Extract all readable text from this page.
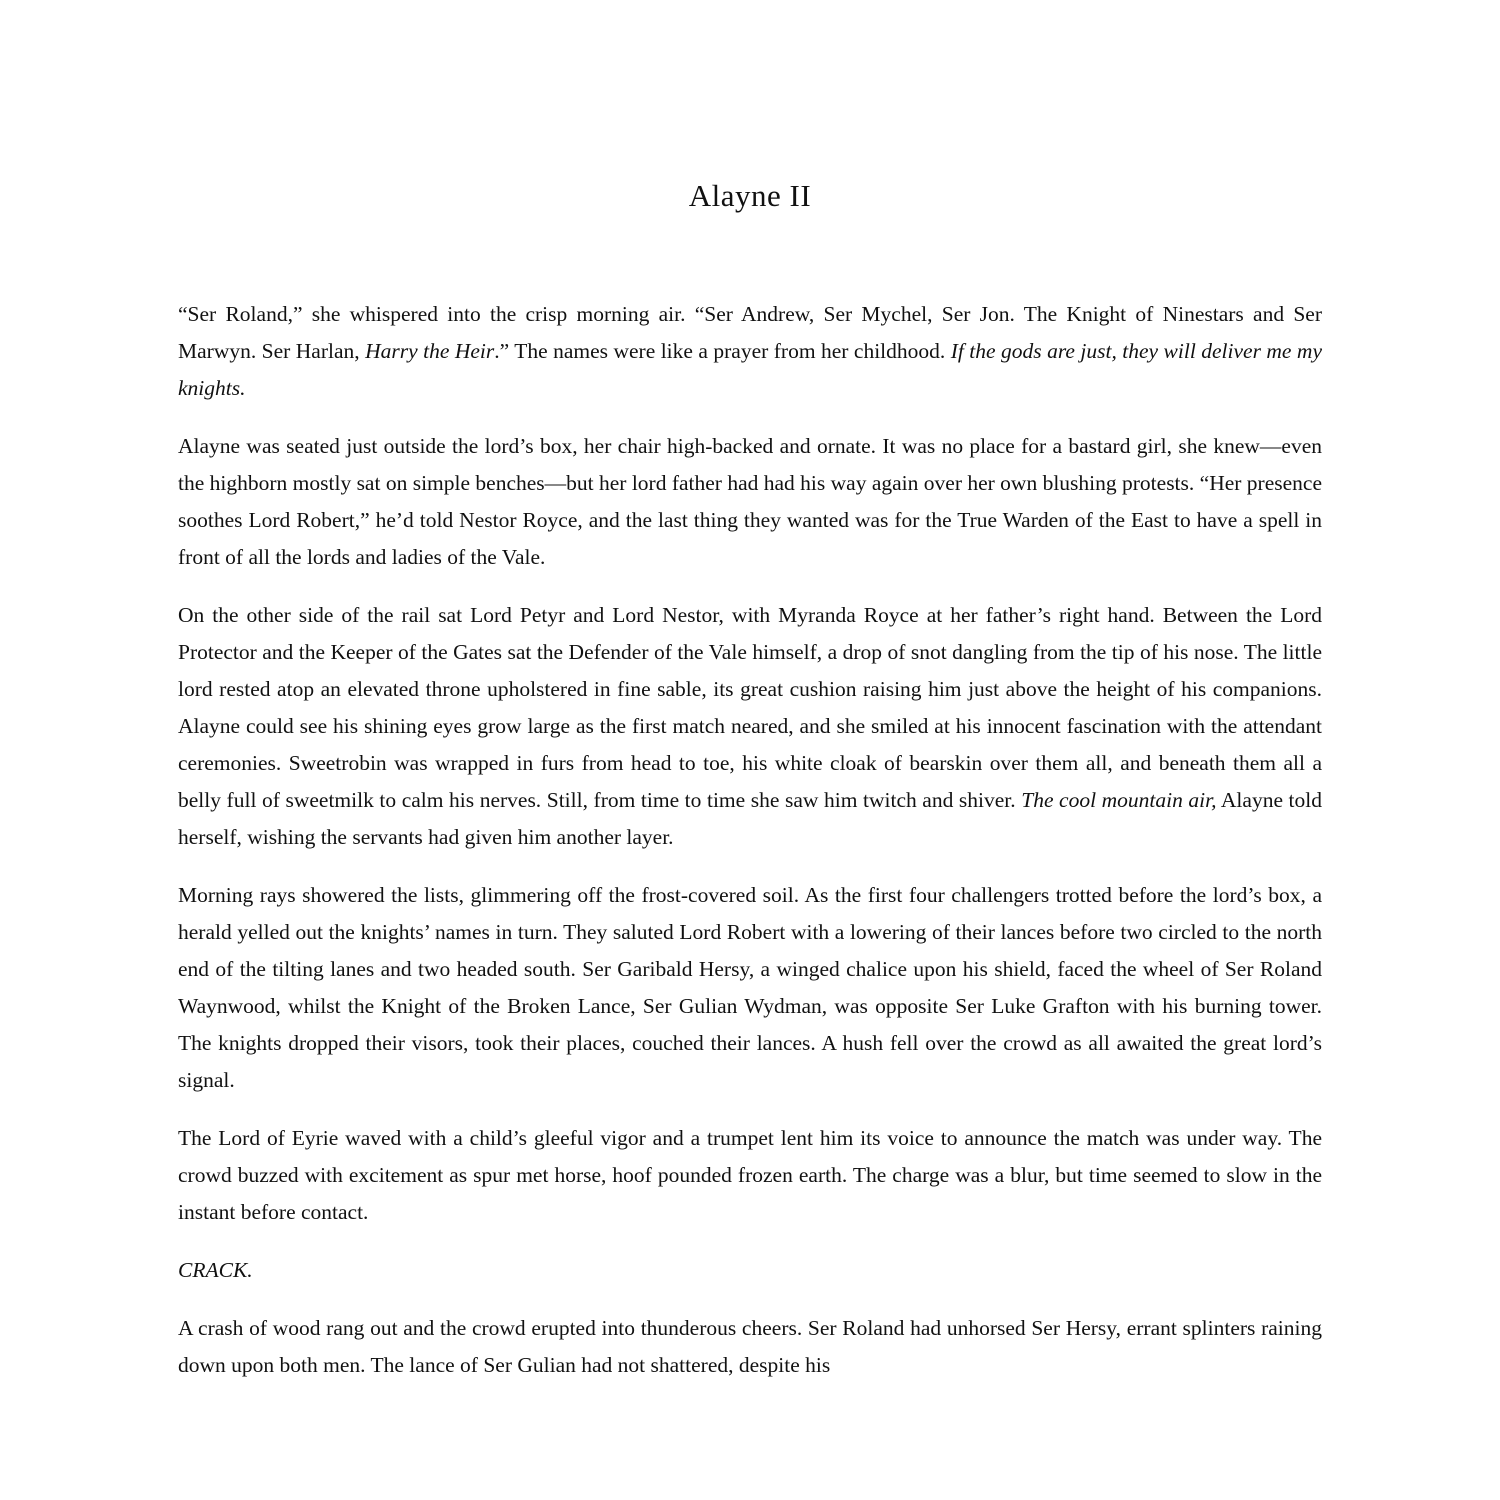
Alayne II

“Ser Roland,” she whispered into the crisp morning air. “Ser Andrew, Ser Mychel, Ser Jon. The Knight of Ninestars and Ser Marwyn. Ser Harlan, Harry the Heir.” The names were like a prayer from her childhood. If the gods are just, they will deliver me my knights.

Alayne was seated just outside the lord’s box, her chair high-backed and ornate. It was no place for a bastard girl, she knew—even the highborn mostly sat on simple benches—but her lord father had had his way again over her own blushing protests. “Her presence soothes Lord Robert,” he’d told Nestor Royce, and the last thing they wanted was for the True Warden of the East to have a spell in front of all the lords and ladies of the Vale.

On the other side of the rail sat Lord Petyr and Lord Nestor, with Myranda Royce at her father’s right hand. Between the Lord Protector and the Keeper of the Gates sat the Defender of the Vale himself, a drop of snot dangling from the tip of his nose. The little lord rested atop an elevated throne upholstered in fine sable, its great cushion raising him just above the height of his companions. Alayne could see his shining eyes grow large as the first match neared, and she smiled at his innocent fascination with the attendant ceremonies. Sweetrobin was wrapped in furs from head to toe, his white cloak of bearskin over them all, and beneath them all a belly full of sweetmilk to calm his nerves. Still, from time to time she saw him twitch and shiver. The cool mountain air, Alayne told herself, wishing the servants had given him another layer.

Morning rays showered the lists, glimmering off the frost-covered soil. As the first four challengers trotted before the lord’s box, a herald yelled out the knights’ names in turn. They saluted Lord Robert with a lowering of their lances before two circled to the north end of the tilting lanes and two headed south. Ser Garibald Hersy, a winged chalice upon his shield, faced the wheel of Ser Roland Waynwood, whilst the Knight of the Broken Lance, Ser Gulian Wydman, was opposite Ser Luke Grafton with his burning tower. The knights dropped their visors, took their places, couched their lances. A hush fell over the crowd as all awaited the great lord’s signal.

The Lord of Eyrie waved with a child’s gleeful vigor and a trumpet lent him its voice to announce the match was under way. The crowd buzzed with excitement as spur met horse, hoof pounded frozen earth. The charge was a blur, but time seemed to slow in the instant before contact.

CRACK.

A crash of wood rang out and the crowd erupted into thunderous cheers. Ser Roland had unhorsed Ser Hersy, errant splinters raining down upon both men. The lance of Ser Gulian had not shattered, despite his
